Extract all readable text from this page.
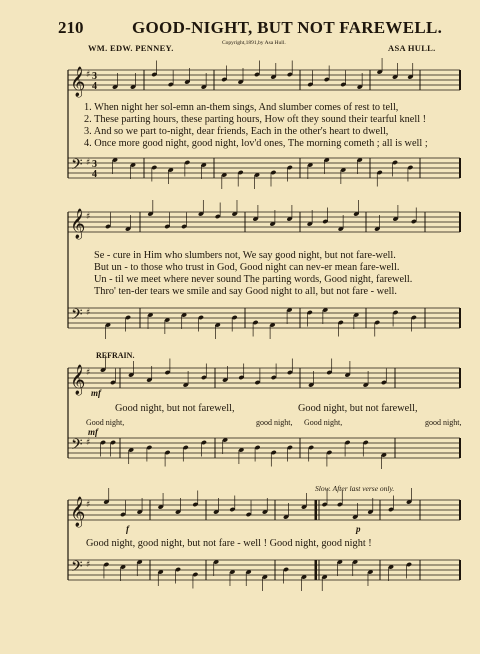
210	GOOD-NIGHT, BUT NOT FAREWELL.
Copyright,1891,by Asa Hull.
WM. EDW. PENNEY.	ASA HULL.
𝄞
𝄢
♯
♯
3
4
3
4
𝄞
𝄢
♯
♯
𝄞
𝄢
♯
♯
𝄞
𝄢
♯
♯
1. When night her sol-emn an-them sings, And slumber comes of rest to tell,
2. These parting hours, these parting hours, How oft they sound their tearful knell !
3. And so we part to-night, dear friends, Each in the other's heart to dwell,
4. Once more good night, good night, lov'd ones, The morning cometh ; all is well ;
Se - cure in Him who slumbers not, We say good night, but not fare-well.
But un - to those who trust in God, Good night can nev-er mean fare-well.
Un - til we meet where never sound The parting words, Good night, farewell.
Thro' ten-der tears we smile and say Good night to all, but not fare - well.
REFRAIN.
mf
Good night, but not farewell,	Good night, but not farewell,
Good night,	good night, Good night,	good night,
mf
Slow. After last verse only.
f	p
Good night, good night, but not fare - well ! Good night, good night !
